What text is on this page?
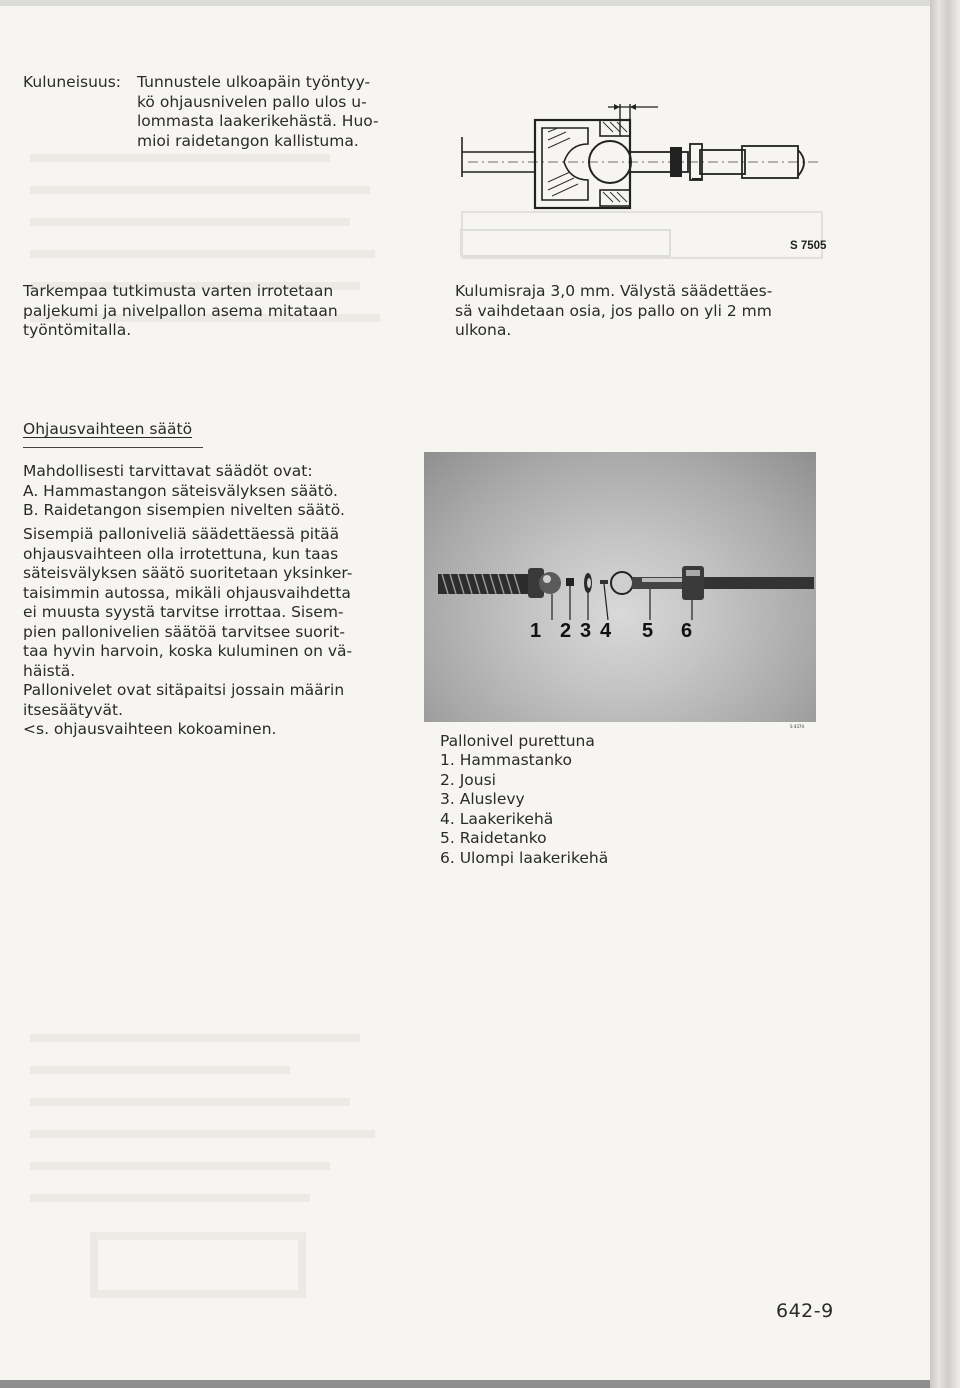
Kuluneisuus: Tunnustele ulkoapäin työntyy-
kö ohjausnivelen pallo ulos u-
lommasta laakerikehästä. Huo-
mioi raidetangon kallistuma.
Tarkempaa tutkimusta varten irrotetaan
paljekumi ja nivelpallon asema mitataan
työntömitalla.
S 7505
Kulumisraja 3,0 mm. Välystä säädettäes-
sä vaihdetaan osia, jos pallo on yli 2 mm
ulkona.
Ohjausvaihteen säätö
Mahdollisesti tarvittavat säädöt ovat:
A. Hammastangon säteisvälyksen säätö.
B. Raidetangon sisempien nivelten säätö.
Sisempiä palloniveliä säädettäessä pitää
ohjausvaihteen olla irrotettuna, kun taas
säteisvälyksen säätö suoritetaan yksinker-
taisimmin autossa, mikäli ohjausvaihdetta
ei muusta syystä tarvitse irrottaa. Sisem-
pien pallonivelien säätöä tarvitsee suorit-
taa hyvin harvoin, koska kuluminen on vä-
häistä.
Pallonivelet ovat sitäpaitsi jossain määrin
itsesäätyvät.
<s. ohjausvaihteen kokoaminen.
1 2 3 4 5 6
S 4374
Pallonivel purettuna
1. Hammastanko
2. Jousi
3. Aluslevy
4. Laakerikehä
5. Raidetanko
6. Ulompi laakerikehä
642-9
